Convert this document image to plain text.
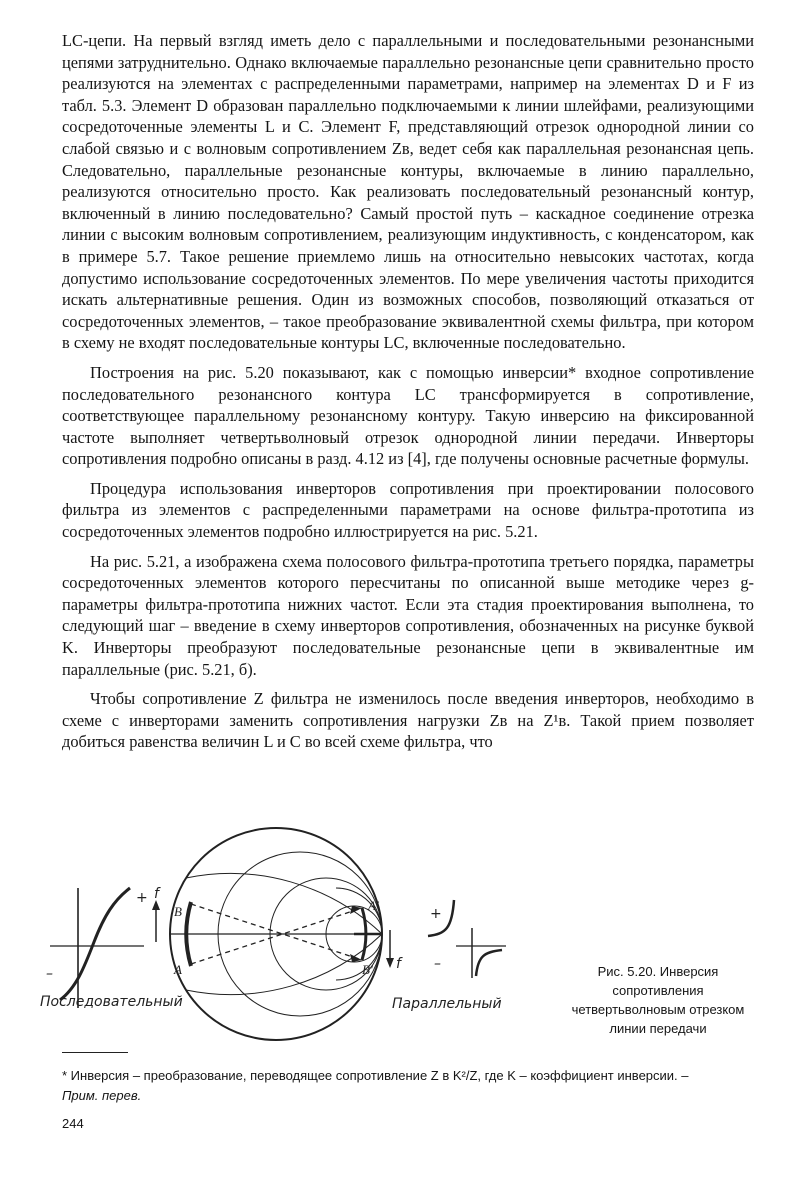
LC-цепи. На первый взгляд иметь дело с параллельными и последовательными резонансными цепями затруднительно. Однако включаемые параллельно резонансные цепи сравнительно просто реализуются на элементах с распределенными параметрами, например на элементах D и F из табл. 5.3. Элемент D образован параллельно подключаемыми к линии шлейфами, реализующими сосредоточенные элементы L и C. Элемент F, представляющий отрезок однородной линии со слабой связью и с волновым сопротивлением Zв, ведет себя как параллельная резонансная цепь. Следовательно, параллельные резонансные контуры, включаемые в линию параллельно, реализуются относительно просто. Как реализовать последовательный резонансный контур, включенный в линию последовательно? Самый простой путь – каскадное соединение отрезка линии с высоким волновым сопротивлением, реализующим индуктивность, с конденсатором, как в примере 5.7. Такое решение приемлемо лишь на относительно невысоких частотах, когда допустимо использование сосредоточенных элементов. По мере увеличения частоты приходится искать альтернативные решения. Один из возможных способов, позволяющий отказаться от сосредоточенных элементов, – такое преобразование эквивалентной схемы фильтра, при котором в схему не входят последовательные контуры LC, включенные последовательно.

Построения на рис. 5.20 показывают, как с помощью инверсии* входное сопротивление последовательного резонансного контура LC трансформируется в сопротивление, соответствующее параллельному резонансному контуру. Такую инверсию на фиксированной частоте выполняет четвертьволновый отрезок однородной линии передачи. Инверторы сопротивления подробно описаны в разд. 4.12 из [4], где получены основные расчетные формулы.

Процедура использования инверторов сопротивления при проектировании полосового фильтра из элементов с распределенными параметрами на основе фильтра-прототипа из сосредоточенных элементов подробно иллюстрируется на рис. 5.21.

На рис. 5.21, а изображена схема полосового фильтра-прототипа третьего порядка, параметры сосредоточенных элементов которого пересчитаны по описанной выше методике через g-параметры фильтра-прототипа нижних частот. Если эта стадия проектирования выполнена, то следующий шаг – введение в схему инверторов сопротивления, обозначенных на рисунке буквой K. Инверторы преобразуют последовательные резонансные цепи в эквивалентные им параллельные (рис. 5.21, б).

Чтобы сопротивление Z фильтра не изменилось после введения инверторов, необходимо в схеме с инверторами заменить сопротивления нагрузки Zв на Z¹в. Такой прием позволяет добиться равенства величин L и C во всей схеме фильтра, что

+
–
Последовательный
B
A
A'
B'
f
f
+
–
Параллельный
Рис. 5.20. Инверсия сопротивления четвертьволновым отрезком линии передачи
* Инверсия – преобразование, переводящее сопротивление Z в K²/Z, где K – коэффициент инверсии. –
Прим. перев.
244
